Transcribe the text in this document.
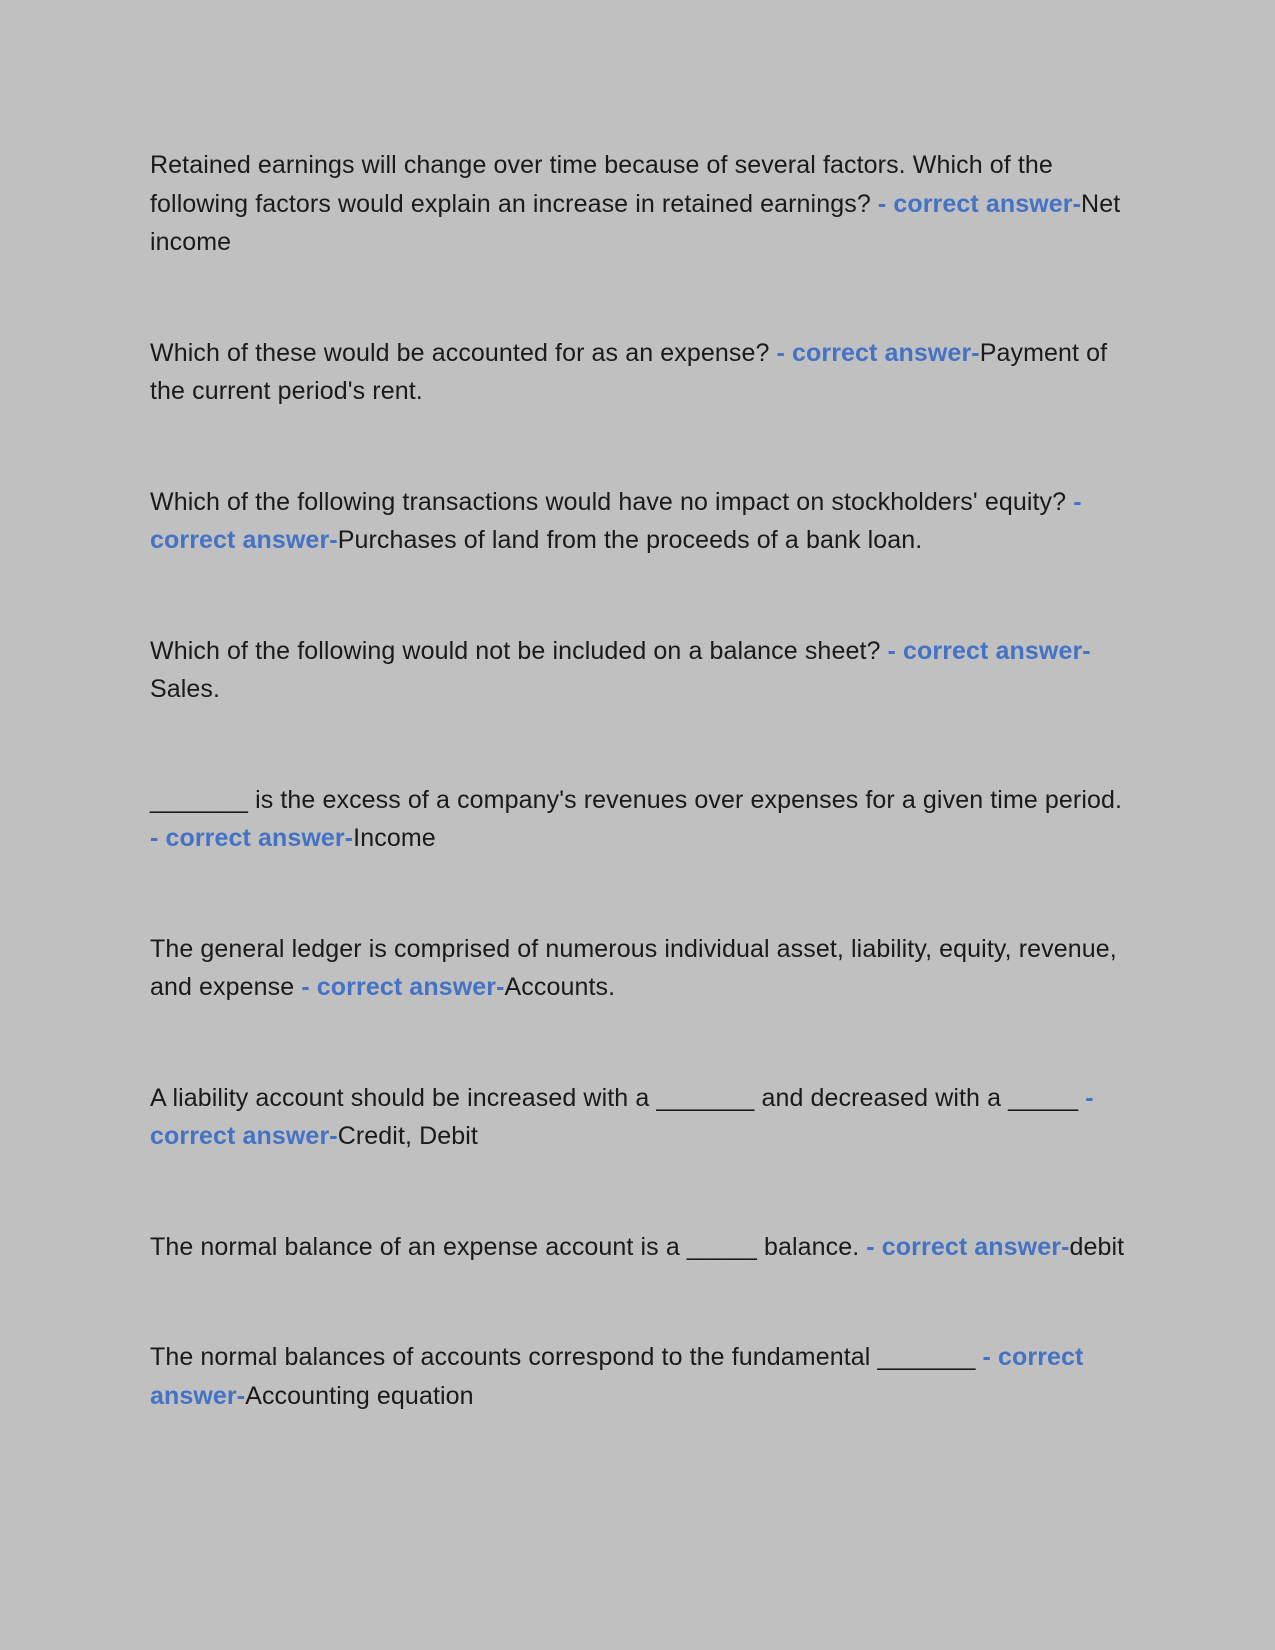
Retained earnings will change over time because of several factors. Which of the following factors would explain an increase in retained earnings? - correct answer-Net income

Which of these would be accounted for as an expense? - correct answer-Payment of the current period's rent.

Which of the following transactions would have no impact on stockholders' equity? - correct answer-Purchases of land from the proceeds of a bank loan.

Which of the following would not be included on a balance sheet? - correct answer-Sales.

_______ is the excess of a company's revenues over expenses for a given time period. - correct answer-Income

The general ledger is comprised of numerous individual asset, liability, equity, revenue, and expense - correct answer-Accounts.

A liability account should be increased with a _______ and decreased with a _____ - correct answer-Credit, Debit

The normal balance of an expense account is a _____ balance. - correct answer-debit

The normal balances of accounts correspond to the fundamental _______ - correct answer-Accounting equation
